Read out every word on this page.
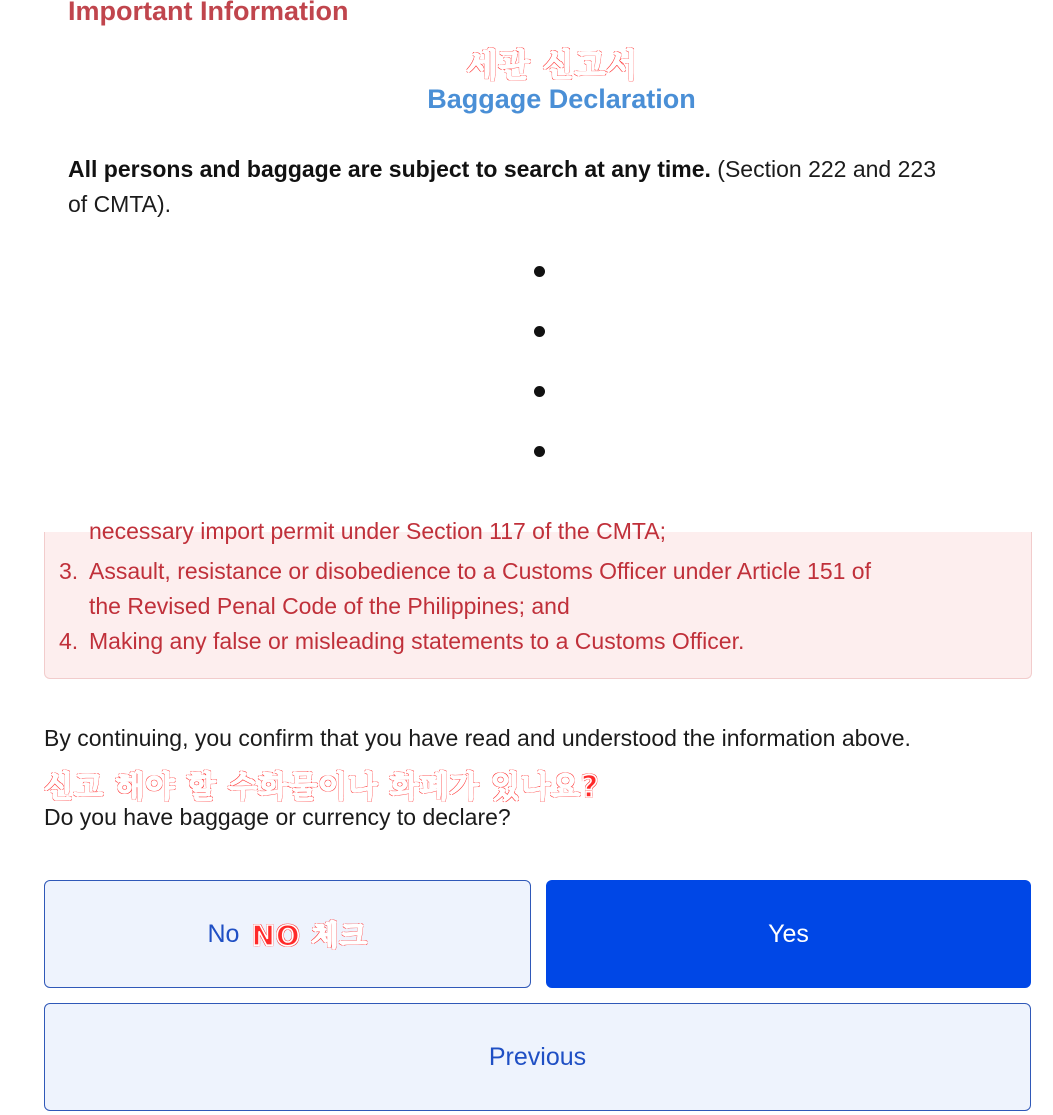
Important Information
세관 신고서
Baggage Declaration
All persons and baggage are subject to search at any time. (Section 222 and 223
of CMTA).
necessary import permit under Section 117 of the CMTA;
3. Assault, resistance or disobedience to a Customs Officer under Article 151 of
the Revised Penal Code of the Philippines; and
4. Making any false or misleading statements to a Customs Officer.
By continuing, you confirm that you have read and understood the information above.
신고 해야 할 수화물이나 화폐가 있나요?
Do you have baggage or currency to declare?
No NO 체크	Yes
Previous
